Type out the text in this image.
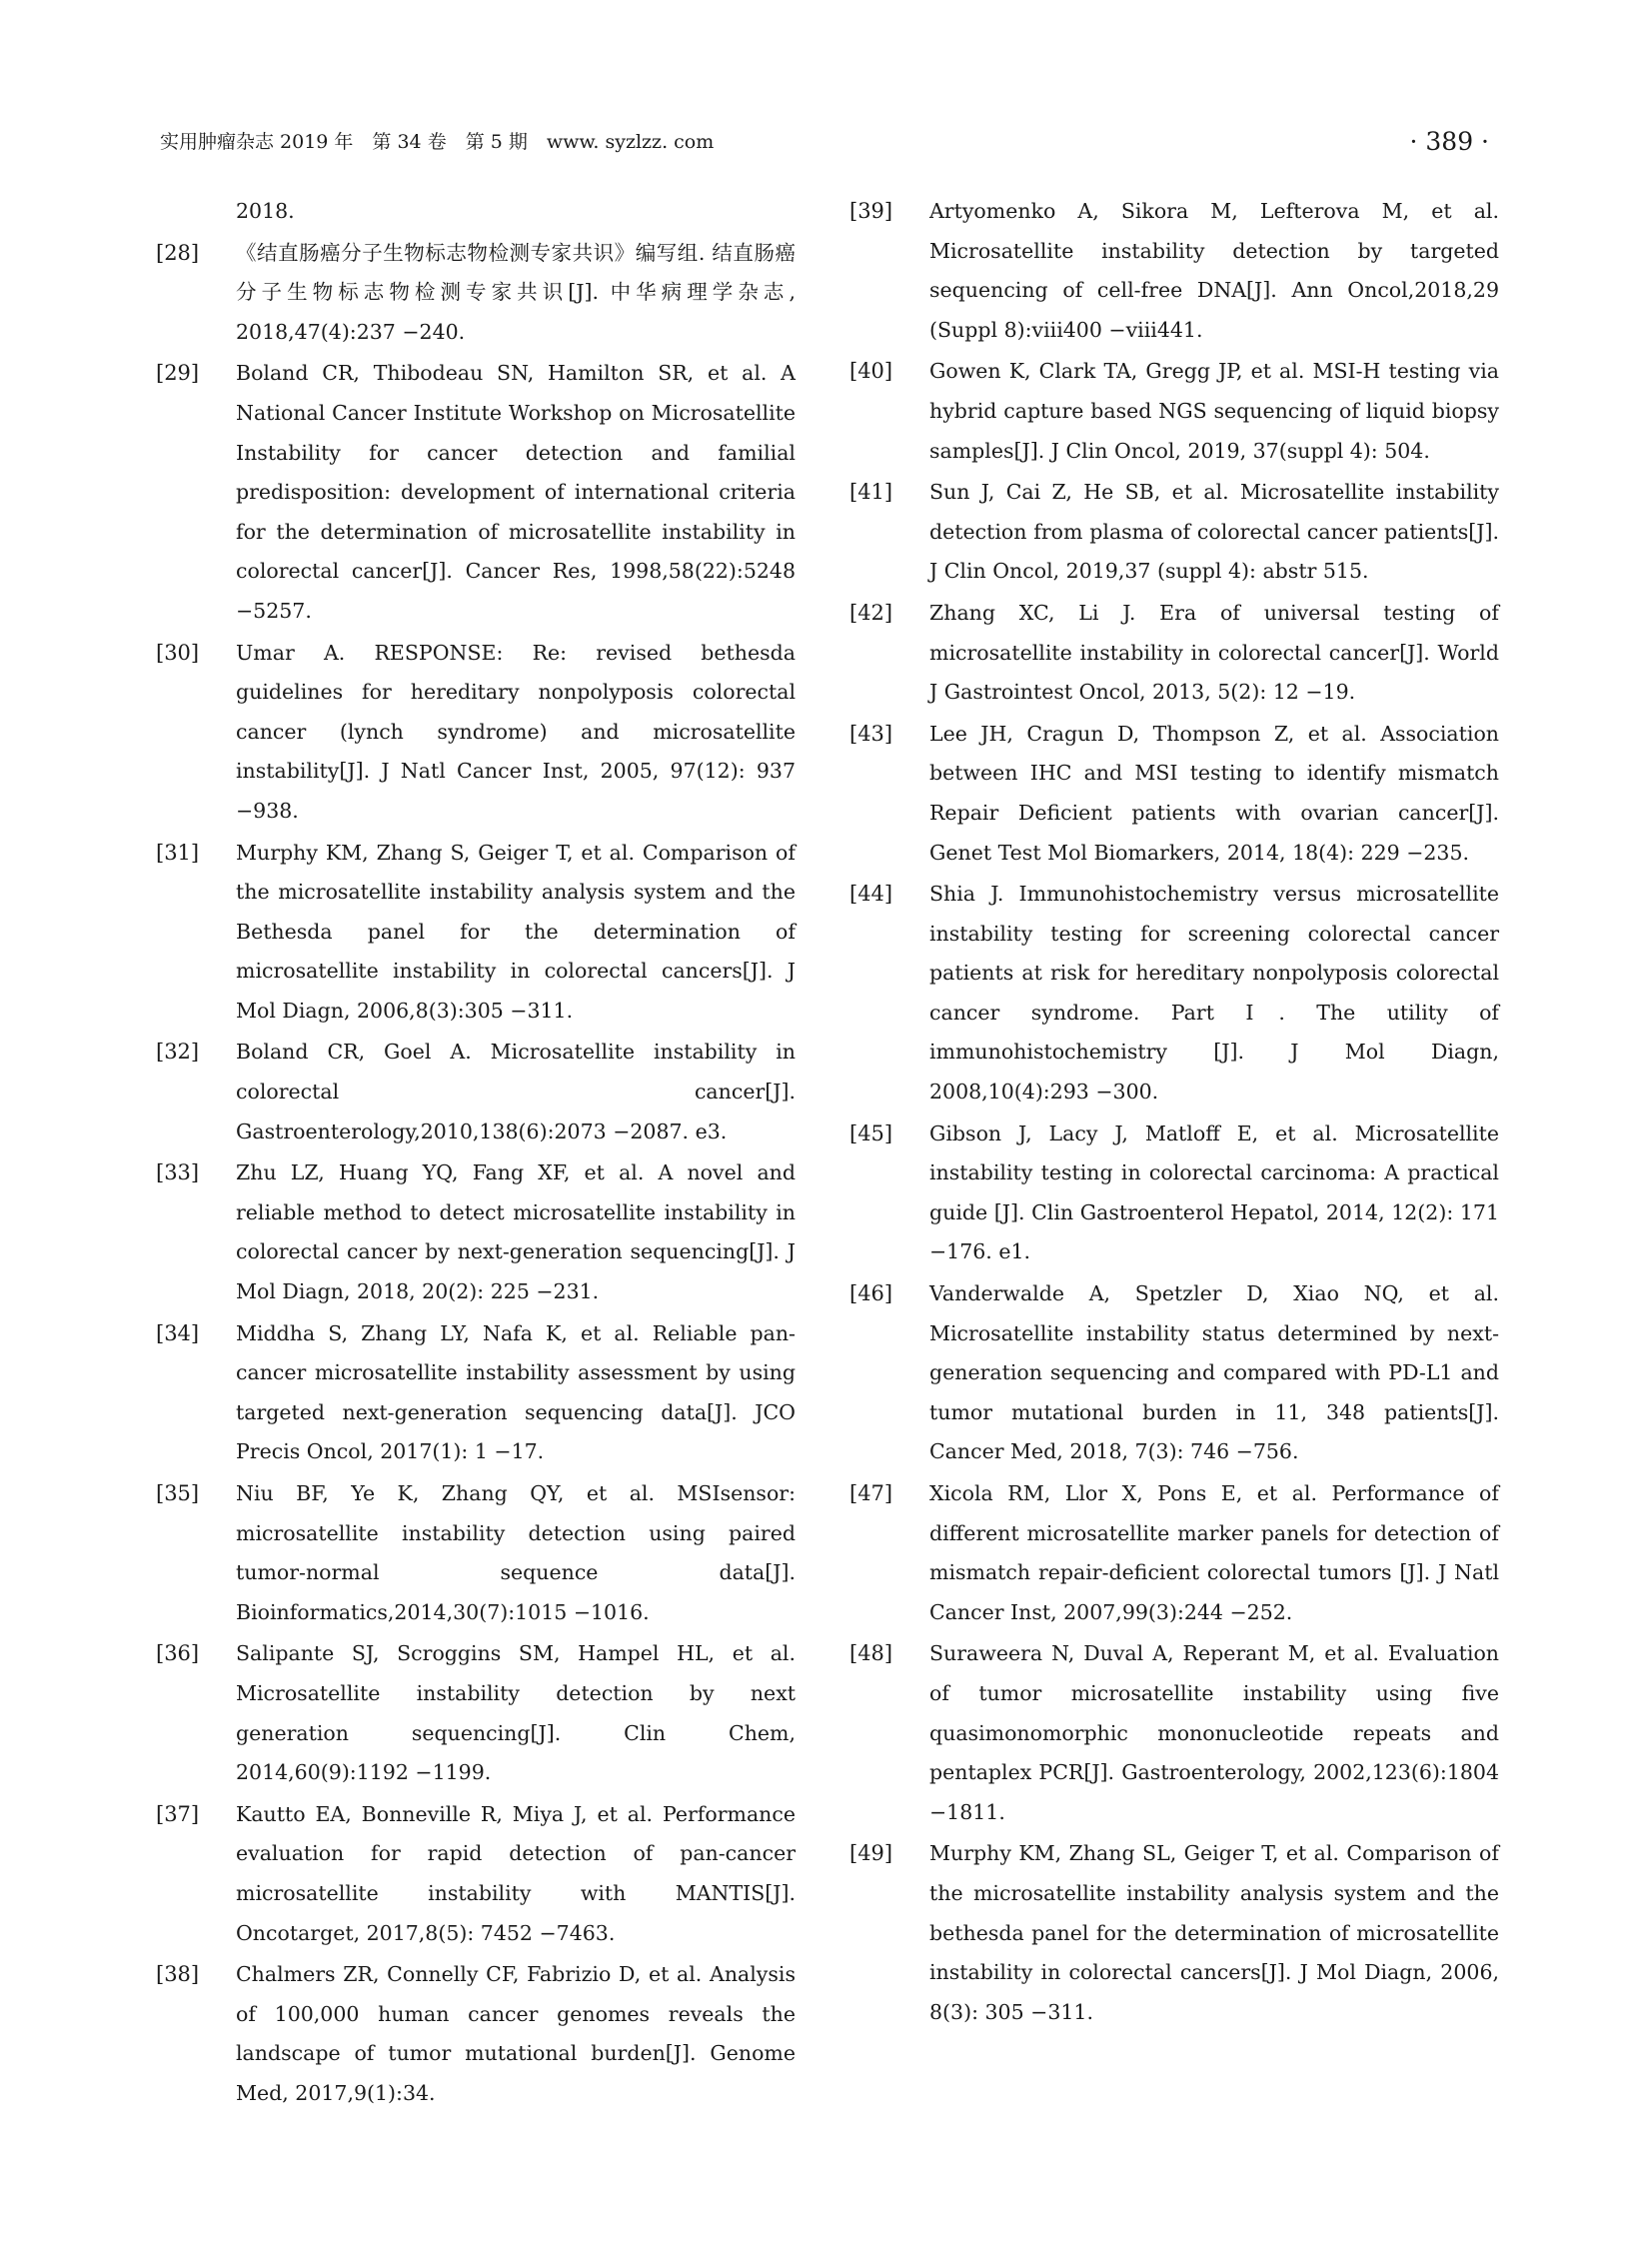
实用肿瘤杂志 2019 年　第 34 卷　第 5 期　www. syzlzz. com	· 389 ·
2018.
[28] 《结直肠癌分子生物标志物检测专家共识》编写组. 结直肠癌分子生物标志物检测专家共识[J]. 中华病理学杂志, 2018,47(4):237 −240.
[29] Boland CR, Thibodeau SN, Hamilton SR, et al. A National Cancer Institute Workshop on Microsatellite Instability for cancer detection and familial predisposition: development of international criteria for the determination of microsatellite instability in colorectal cancer[J]. Cancer Res, 1998,58(22):5248 −5257.
[30] Umar A. RESPONSE: Re: revised bethesda guidelines for hereditary nonpolyposis colorectal cancer (lynch syndrome) and microsatellite instability[J]. J Natl Cancer Inst, 2005, 97(12): 937 −938.
[31] Murphy KM, Zhang S, Geiger T, et al. Comparison of the microsatellite instability analysis system and the Bethesda panel for the determination of microsatellite instability in colorectal cancers[J]. J Mol Diagn, 2006,8(3):305 −311.
[32] Boland CR, Goel A. Microsatellite instability in colorectal cancer[J]. Gastroenterology,2010,138(6):2073 −2087. e3.
[33] Zhu LZ, Huang YQ, Fang XF, et al. A novel and reliable method to detect microsatellite instability in colorectal cancer by next-generation sequencing[J]. J Mol Diagn, 2018, 20(2): 225 −231.
[34] Middha S, Zhang LY, Nafa K, et al. Reliable pan-cancer microsatellite instability assessment by using targeted next-generation sequencing data[J]. JCO Precis Oncol, 2017(1): 1 −17.
[35] Niu BF, Ye K, Zhang QY, et al. MSIsensor: microsatellite instability detection using paired tumor-normal sequence data[J]. Bioinformatics,2014,30(7):1015 −1016.
[36] Salipante SJ, Scroggins SM, Hampel HL, et al. Microsatellite instability detection by next generation sequencing[J]. Clin Chem, 2014,60(9):1192 −1199.
[37] Kautto EA, Bonneville R, Miya J, et al. Performance evaluation for rapid detection of pan-cancer microsatellite instability with MANTIS[J]. Oncotarget, 2017,8(5): 7452 −7463.
[38] Chalmers ZR, Connelly CF, Fabrizio D, et al. Analysis of 100,000 human cancer genomes reveals the landscape of tumor mutational burden[J]. Genome Med, 2017,9(1):34.
[39] Artyomenko A, Sikora M, Lefterova M, et al. Microsatellite instability detection by targeted sequencing of cell-free DNA[J]. Ann Oncol,2018,29 (Suppl 8):viii400 −viii441.
[40] Gowen K, Clark TA, Gregg JP, et al. MSI-H testing via hybrid capture based NGS sequencing of liquid biopsy samples[J]. J Clin Oncol, 2019, 37(suppl 4): 504.
[41] Sun J, Cai Z, He SB, et al. Microsatellite instability detection from plasma of colorectal cancer patients[J]. J Clin Oncol, 2019,37 (suppl 4): abstr 515.
[42] Zhang XC, Li J. Era of universal testing of microsatellite instability in colorectal cancer[J]. World J Gastrointest Oncol, 2013, 5(2): 12 −19.
[43] Lee JH, Cragun D, Thompson Z, et al. Association between IHC and MSI testing to identify mismatch Repair Deficient patients with ovarian cancer[J]. Genet Test Mol Biomarkers, 2014, 18(4): 229 −235.
[44] Shia J. Immunohistochemistry versus microsatellite instability testing for screening colorectal cancer patients at risk for hereditary nonpolyposis colorectal cancer syndrome. Part Ⅰ. The utility of immunohistochemistry [J]. J Mol Diagn, 2008,10(4):293 −300.
[45] Gibson J, Lacy J, Matloff E, et al. Microsatellite instability testing in colorectal carcinoma: A practical guide [J]. Clin Gastroenterol Hepatol, 2014, 12(2): 171 −176. e1.
[46] Vanderwalde A, Spetzler D, Xiao NQ, et al. Microsatellite instability status determined by next-generation sequencing and compared with PD-L1 and tumor mutational burden in 11, 348 patients[J]. Cancer Med, 2018, 7(3): 746 −756.
[47] Xicola RM, Llor X, Pons E, et al. Performance of different microsatellite marker panels for detection of mismatch repair-deficient colorectal tumors [J]. J Natl Cancer Inst, 2007,99(3):244 −252.
[48] Suraweera N, Duval A, Reperant M, et al. Evaluation of tumor microsatellite instability using five quasimonomorphic mononucleotide repeats and pentaplex PCR[J]. Gastroenterology, 2002,123(6):1804 −1811.
[49] Murphy KM, Zhang SL, Geiger T, et al. Comparison of the microsatellite instability analysis system and the bethesda panel for the determination of microsatellite instability in colorectal cancers[J]. J Mol Diagn, 2006, 8(3): 305 −311.
